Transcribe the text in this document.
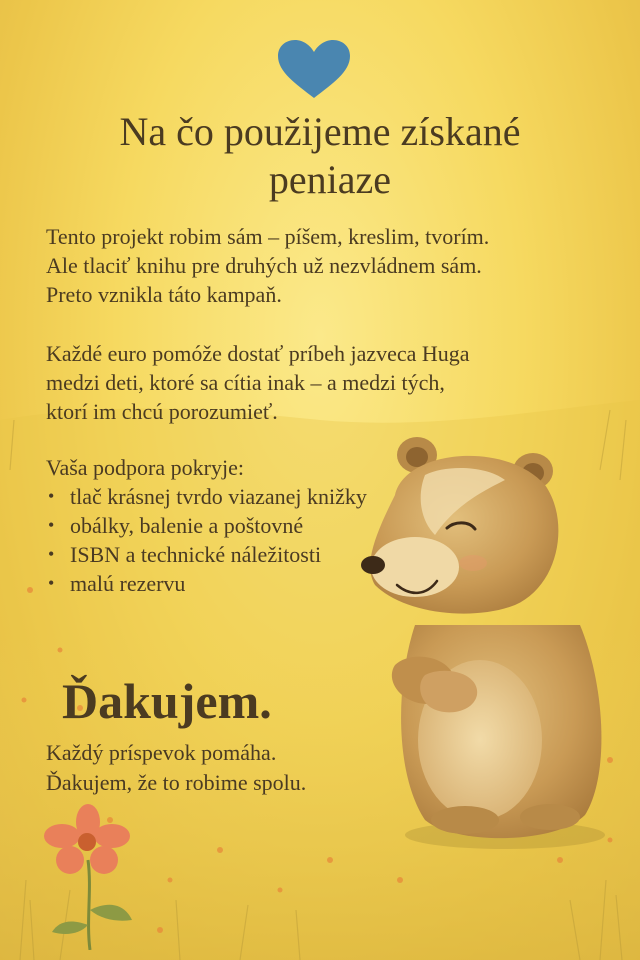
Na čo použijeme získané
peniaze

Tento projekt robim sám – píšem, kreslim, tvorím.
Ale tlaciť knihu pre druhých už nezvládnem sám.
Preto vznikla táto kampaň.

Každé euro pomóže dostať príbeh jazveca Huga
medzi deti, ktoré sa cítia inak – a medzi tých,
ktorí im chcú porozumieť.

Vaša podpora pokryje:

• tlač krásnej tvrdo viazanej knižky
• obálky, balenie a poštovné
• ISBN a technické náležitosti
• malú rezervu
Ďakujem.

Každý príspevok pomáha.
Ďakujem, že to robime spolu.
